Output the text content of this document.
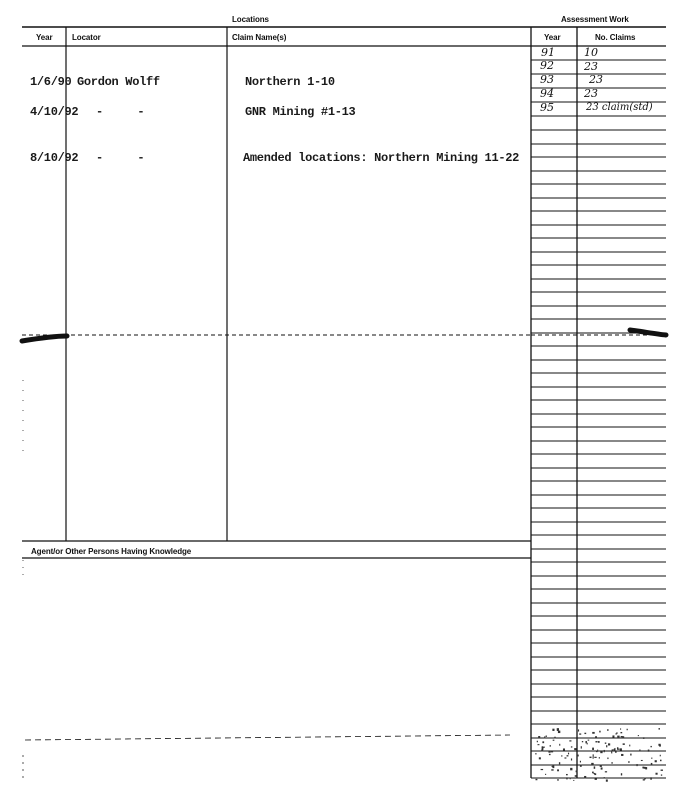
Locations	Assessment Work
Year Locator	Claim Name(s)	Year	No. Claims
Agent/or Other Persons Having Knowledge
1/6/90 Gordon Wolff	Northern 1-10
4/10/92 -     -	GNR Mining #1-13
8/10/92 -     -	Amended locations: Northern Mining 11-22
91	10
92	23
93	23
94	23
95	23 claim(std)
